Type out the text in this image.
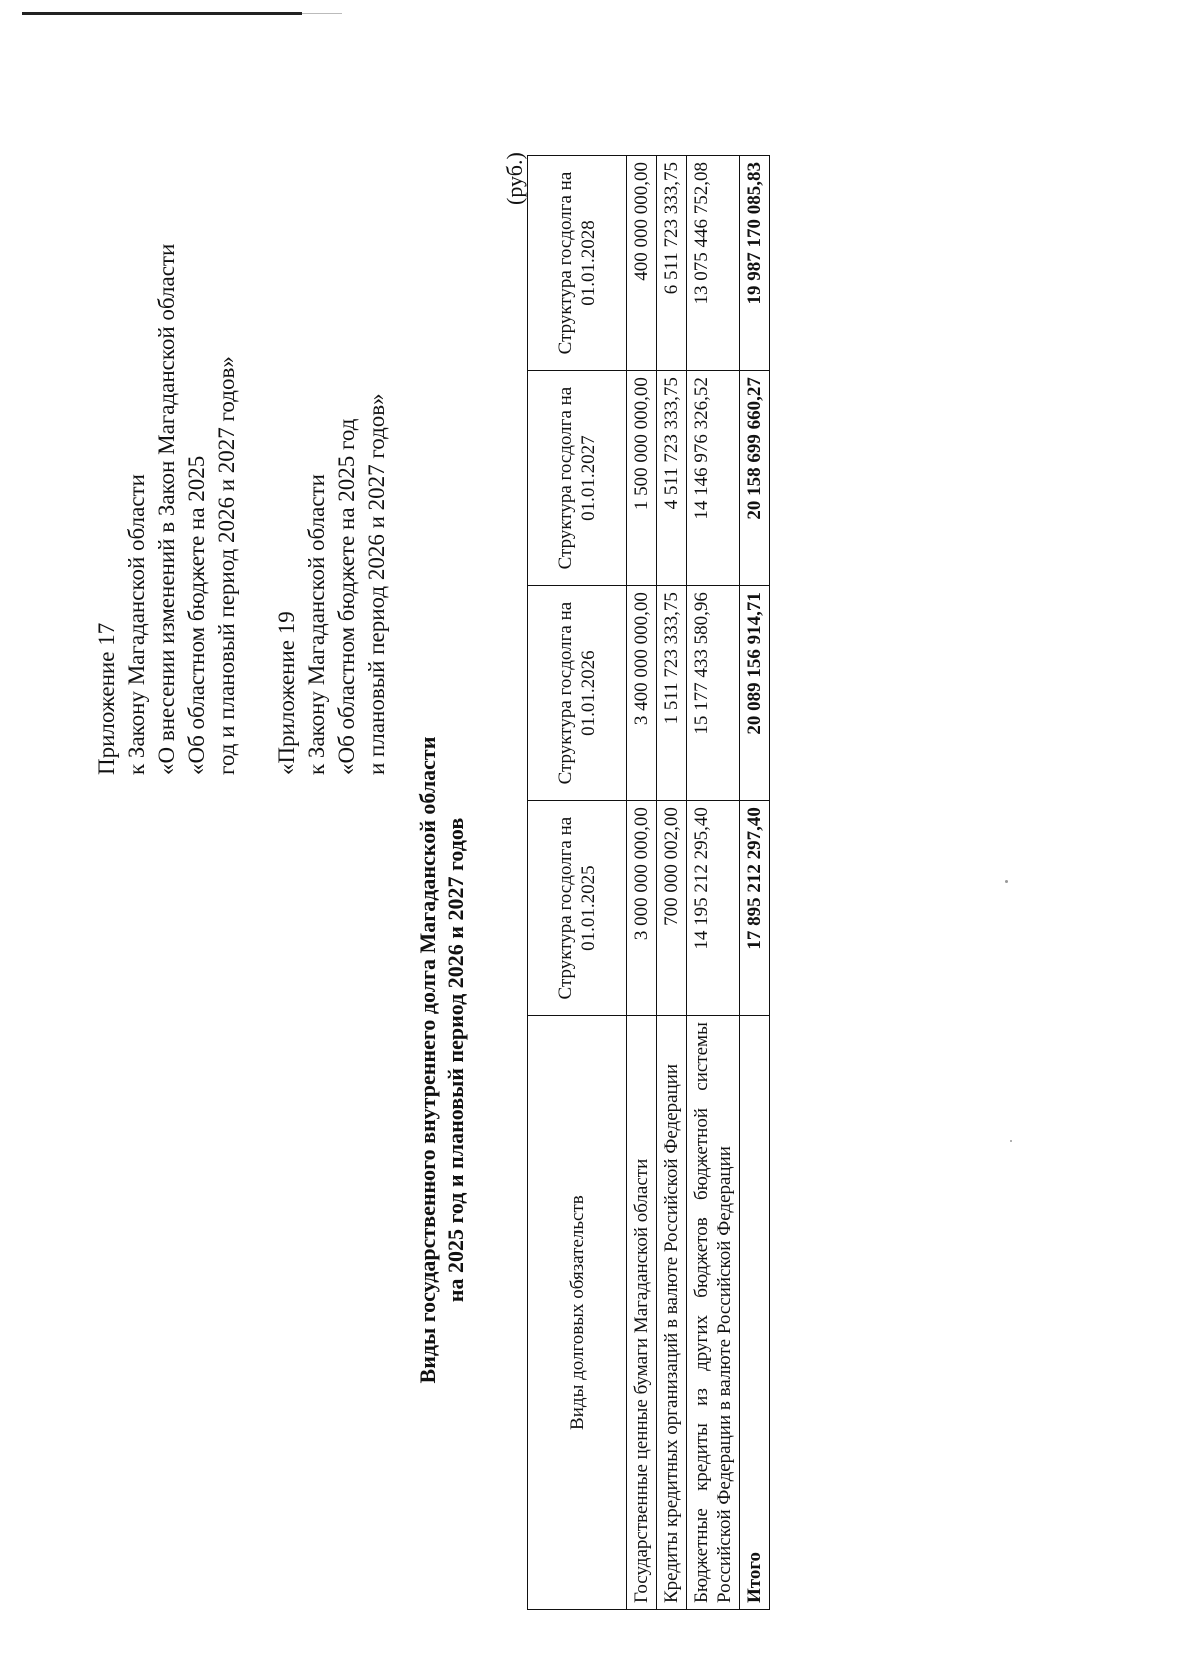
Приложение 17 к Закону Магаданской области «О внесении изменений в Закон Магаданской области «Об областном бюджете на 2025 год и плановый период 2026 и 2027 годов» «Приложение 19 к Закону Магаданской области «Об областном бюджете на 2025 год и плановый период 2026 и 2027 годов»
Виды государственного внутреннего долга Магаданской области на 2025 год и плановый период 2026 и 2027 годов
(руб.)
Виды долговых обязательств	Структура госдолга на 01.01.2025	Структура госдолга на 01.01.2026	Структура госдолга на 01.01.2027	Структура госдолга на 01.01.2028
Государственные ценные бумаги Магаданской области	3 000 000 000,00	3 400 000 000,00	1 500 000 000,00	400 000 000,00
Кредиты кредитных организаций в валюте Российской Федерации	700 000 002,00	1 511 723 333,75	4 511 723 333,75	6 511 723 333,75
Бюджетные кредиты из других бюджетов бюджетной системы Российской Федерации в валюте Российской Федерации	14 195 212 295,40	15 177 433 580,96	14 146 976 326,52	13 075 446 752,08
Итого	17 895 212 297,40	20 089 156 914,71	20 158 699 660,27	19 987 170 085,83
